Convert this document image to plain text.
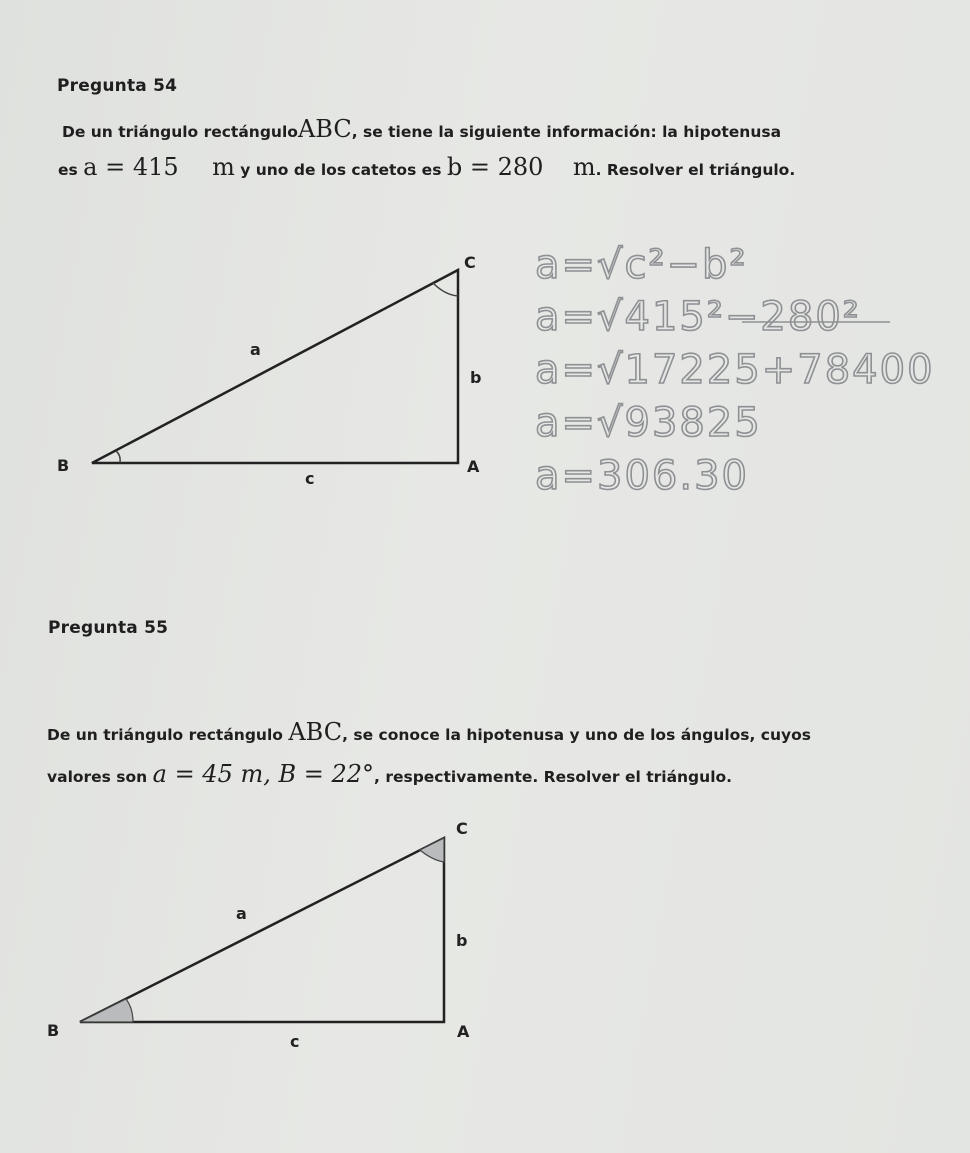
Pregunta 54
De un triángulo rectánguloABC, se tiene la siguiente información: la hipotenusa
es a = 415 m y uno de los catetos es b = 280 m. Resolver el triángulo.
Pregunta 55
De un triángulo rectángulo ABC, se conoce la hipotenusa y uno de los ángulos, cuyos
valores son a = 45 m, B = 22°, respectivamente. Resolver el triángulo.
C
a
b
B
c
A
a=√c²−b²
a=√415²−280²
a=√17225+78400
a=√93825
a=306.30
C
a
b
B
c
A
